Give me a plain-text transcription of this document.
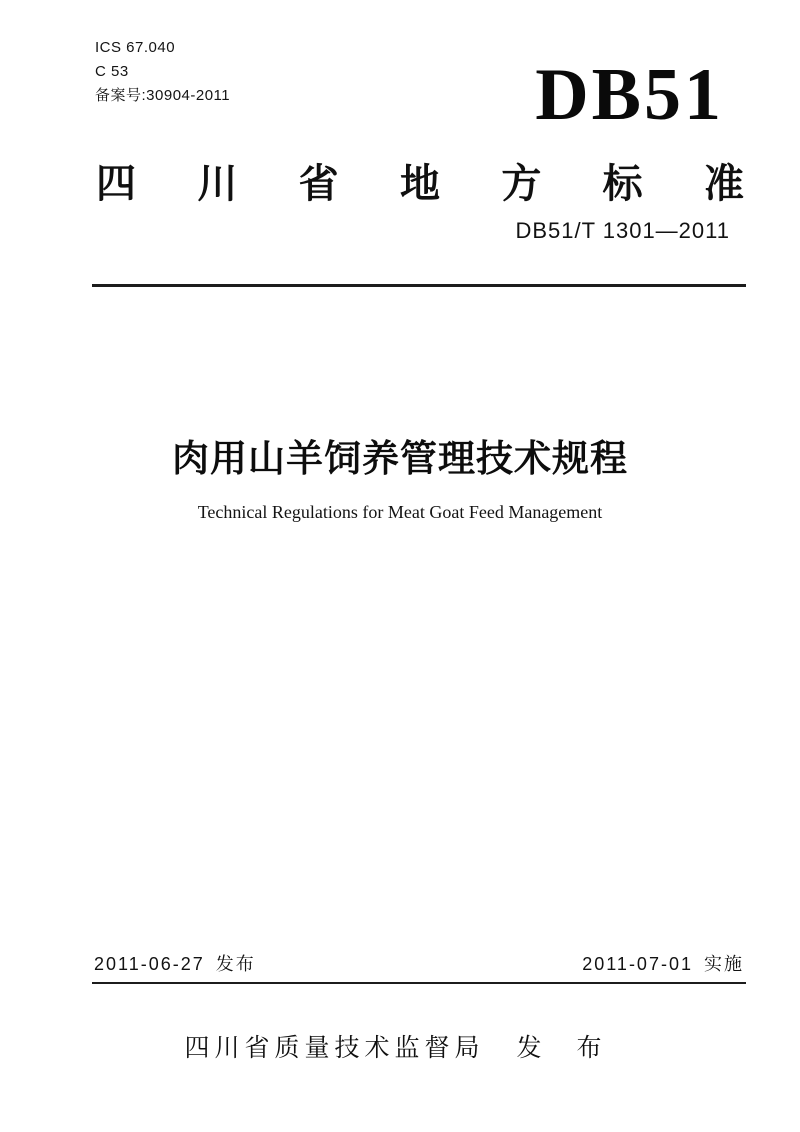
ICS 67.040
C 53
备案号:30904-2011	DB51
四 川 省 地 方 标 准
DB51/T 1301—2011
肉用山羊饲养管理技术规程
Technical Regulations for Meat Goat Feed Management
2011-06-27 发布	2011-07-01 实施
四川省质量技术监督局 发 布
